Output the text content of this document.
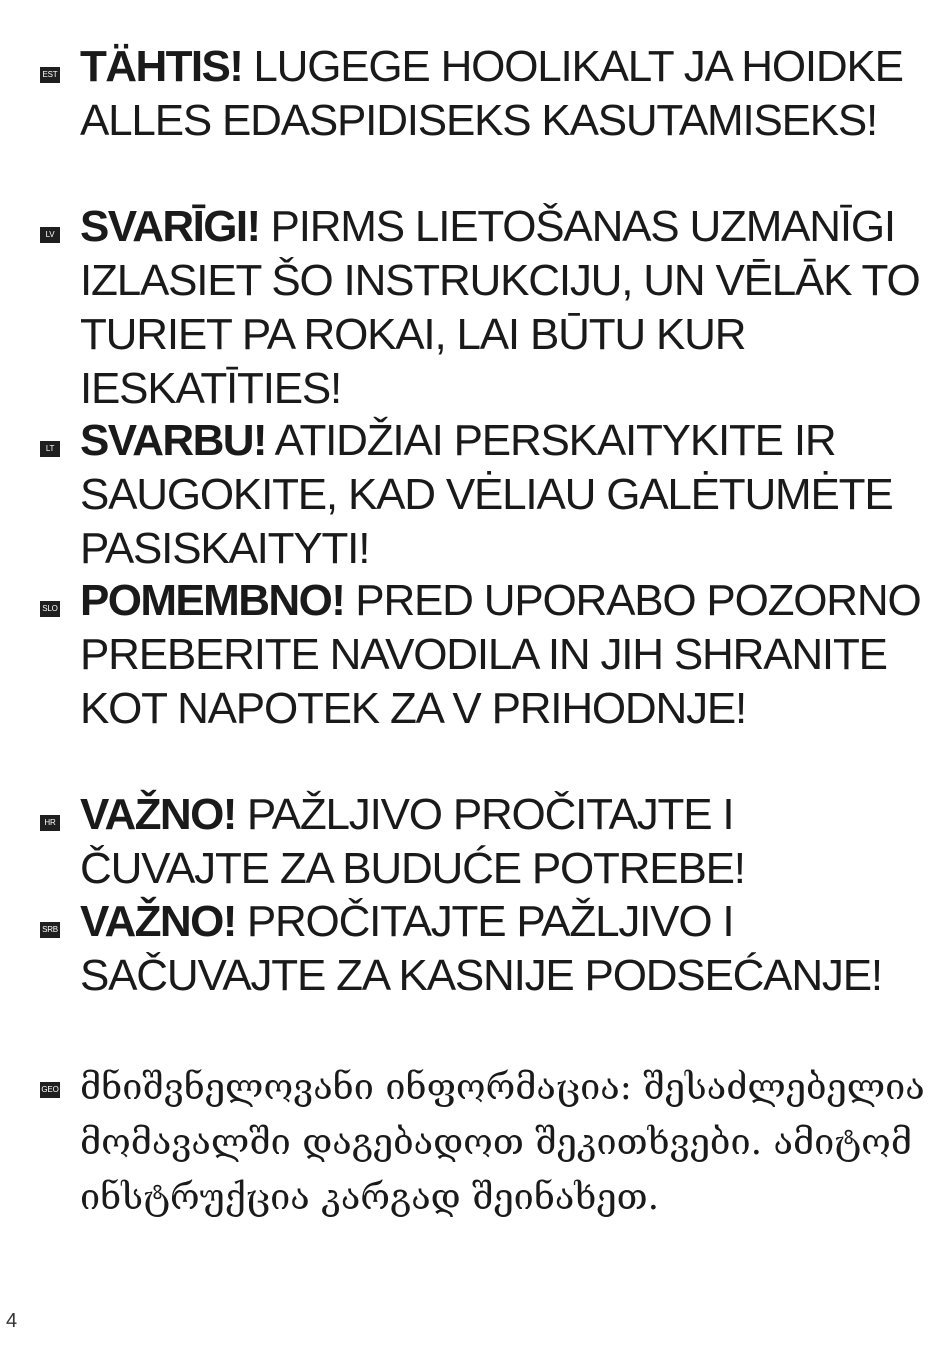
EST TÄHTIS! LUGEGE HOOLIKALT JA HOIDKE ALLES EDASPIDISEKS KASUTAMISEKS!

LV SVARĪGI! PIRMS LIETOŠANAS UZMANĪGI IZLASIET ŠO INSTRUKCIJU, UN VĒLĀK TO TURIET PA ROKAI, LAI BŪTU KUR IESKATĪTIES!

LT SVARBU! ATIDŽIAI PERSKAITYKITE IR SAUGOKITE, KAD VĖLIAU GALĖTUMĖTE PASISKAITYTI!

SLO POMEMBNO! PRED UPORABO POZORNO PREBERITE NAVODILA IN JIH SHRANITE KOT NAPOTEK ZA V PRIHODNJE!

HR VAŽNO! PAŽLJIVO PROČITAJTE I ČUVAJTE ZA BUDUĆE POTREBE!

SRB VAŽNO! PROČITAJTE PAŽLJIVO I SAČUVAJTE ZA KASNIJE PODSEĆANJE!

GEO მნიშვნელოვანი ინფორმაცია: შესაძლებელია მომავალში დაგებადოთ შეკითხვები. ამიტომ ინსტრუქცია კარგად შეინახეთ.

4
